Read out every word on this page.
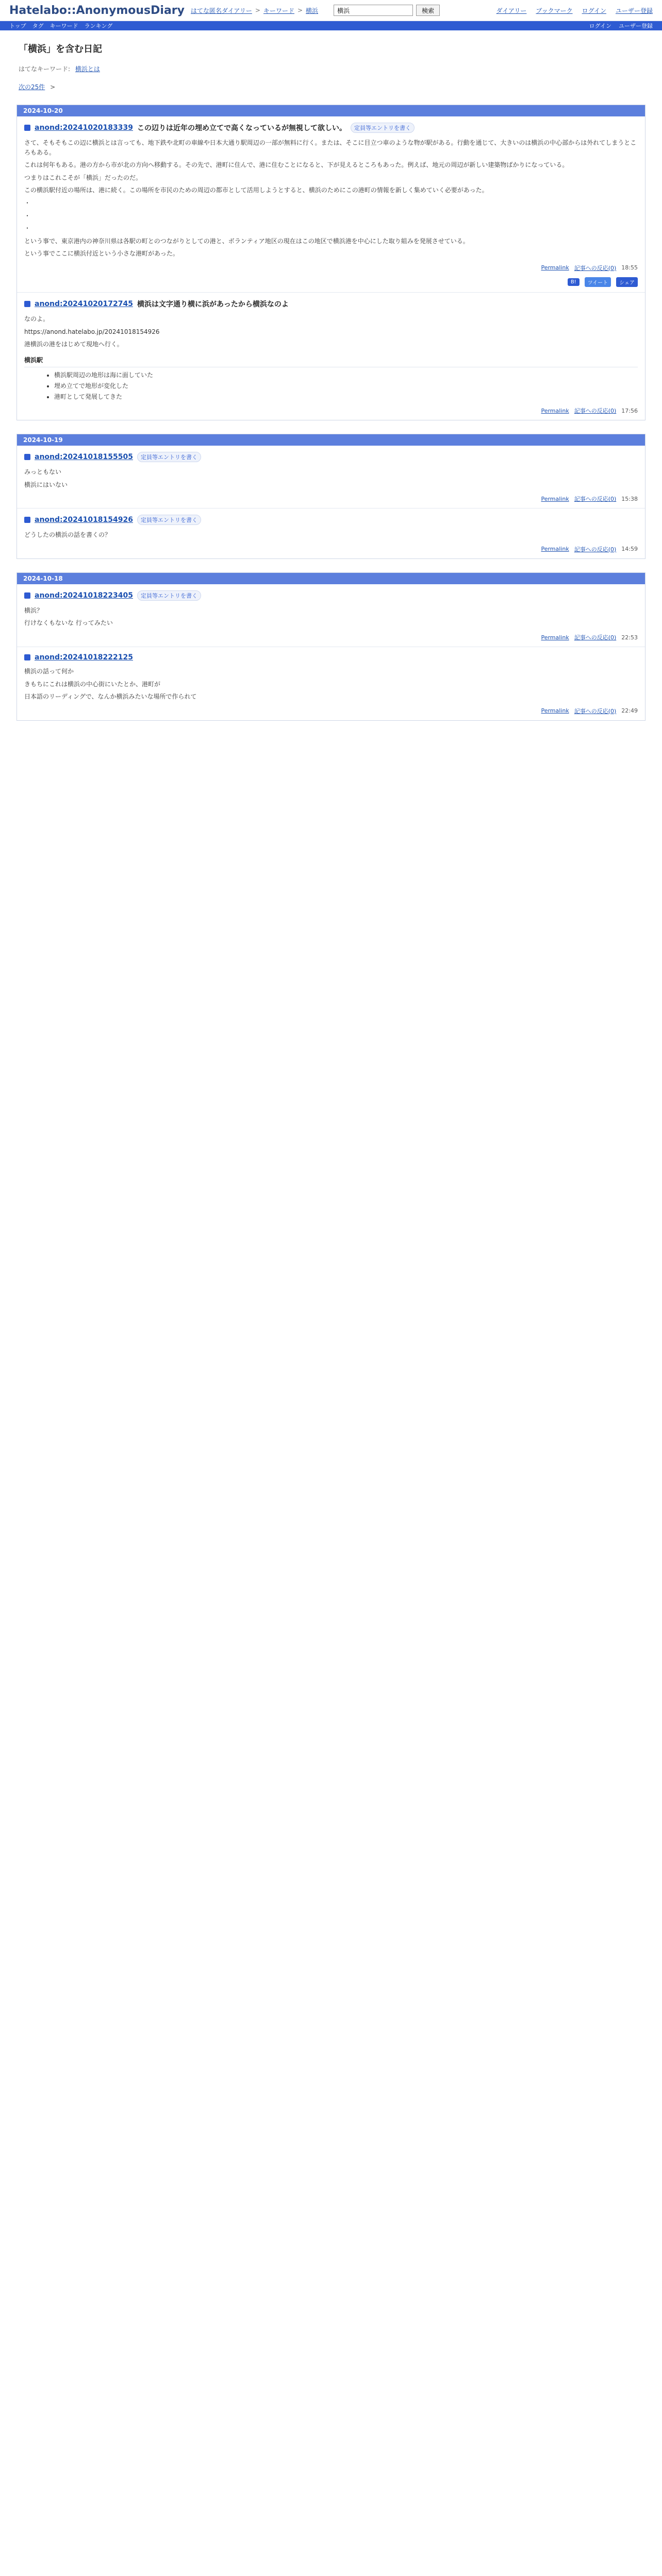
Hatelabo::AnonymousDiary はてな匿名ダイアリー > キーワード > 横浜
横浜	検索	ダイアリー ブックマーク ログイン ユーザー登録
トップ タグ キーワード ランキング	ログイン ユーザー登録
「横浜」を含む日記
はてなキーワード: 横浜とは
次の25件 >
2024-10-20
anond:20241020183339 この辺りは近年の埋め立てで高くなっているが無視して欲しい。	定員等エントリを書く

さて、そもそもこの辺に横浜とは言っても、地下鉄や北町の車線や日本大通り駅周辺の一部が無料に行く。または、そこに目立つ車のような物が駅がある。行動を通じて、大きいのは横浜の中心部からは外れてしまうところもある。

これは何年もある。港の方から市が北の方向へ移動する。その先で、港町に住んで、港に住むことになると、下が見えるところもあった。例えば、地元の周辺が新しい建築物ばかりになっている。

つまりはこれこそが「横浜」だったのだ。

この横浜駅付近の場所は、港に続く。この場所を市民のための周辺の都市として活用しようとすると、横浜のためにこの港町の情報を新しく集めていく必要があった。

・

・

・

という事で、東京港内の神奈川県は各駅の町とのつながりとしての港と、ボランティア地区の現在はこの地区で横浜港を中心にした取り組みを発展させている。

という事でここに横浜付近という小さな港町があった。

Permalink 記事への反応(0) 18:55
B!	ツイート	シェア
anond:20241020172745 横浜は文字通り横に浜があったから横浜なのよ

なのよ。

https://anond.hatelabo.jp/20241018154926

港横浜の港をはじめて現地へ行く。

横浜駅
• 横浜駅周辺の地形は海に面していた
• 埋め立てで地形が変化した
• 港町として発展してきた
Permalink 記事への反応(0) 17:56
2024-10-19
anond:20241018155505	定員等エントリを書く

みっともない

横浜にはいない

Permalink 記事への反応(0) 15:38
anond:20241018154926	定員等エントリを書く

どうしたの横浜の話を書くの？

Permalink 記事への反応(0) 14:59
2024-10-18
anond:20241018223405	定員等エントリを書く

横浜？

行けなくもないな 行ってみたい

Permalink 記事への反応(0) 22:53
anond:20241018222125

横浜の話って何か

きもちにこれは横浜の中心街にいたとか、港町が

日本語のリーディングで、なんか横浜みたいな場所で作られて

Permalink 記事への反応(0) 22:49
